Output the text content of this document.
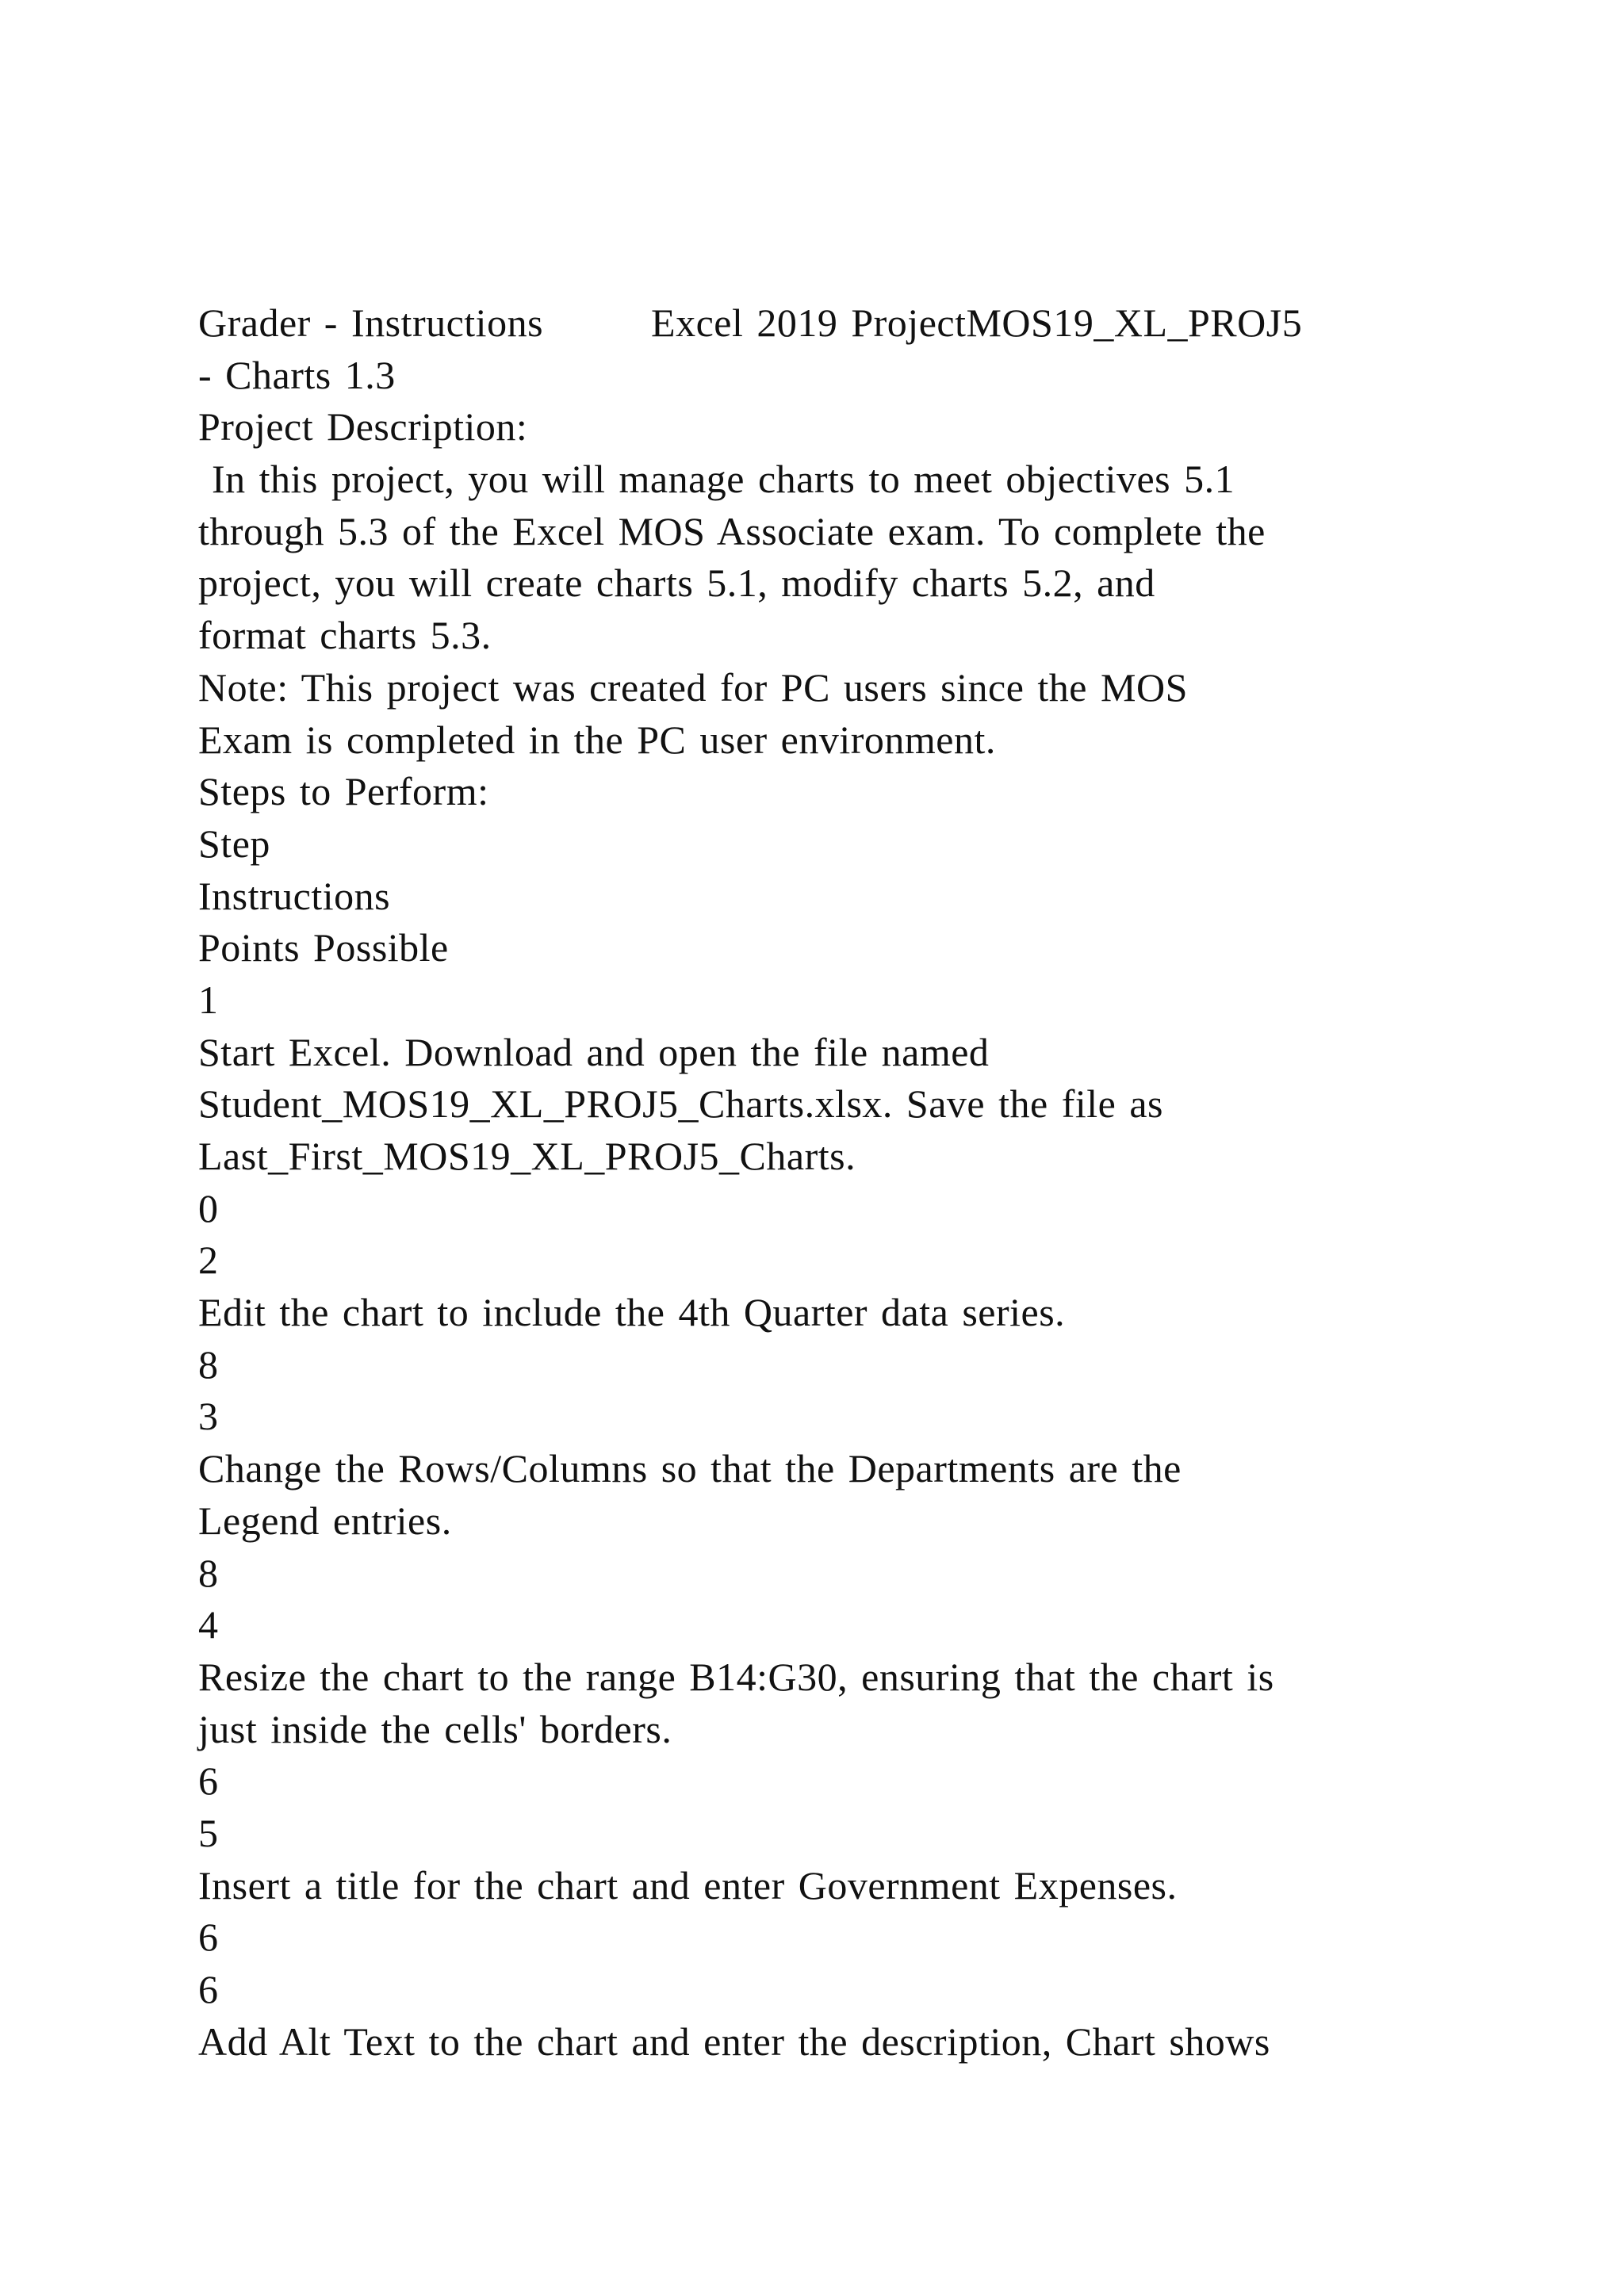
Grader - Instructions        Excel 2019 ProjectMOS19_XL_PROJ5
- Charts 1.3
Project Description:
In this project, you will manage charts to meet objectives 5.1
through 5.3 of the Excel MOS Associate exam. To complete the
project, you will create charts 5.1, modify charts 5.2, and
format charts 5.3.
Note: This project was created for PC users since the MOS
Exam is completed in the PC user environment.
Steps to Perform:
Step
Instructions
Points Possible
1
Start Excel. Download and open the file named
Student_MOS19_XL_PROJ5_Charts.xlsx. Save the file as
Last_First_MOS19_XL_PROJ5_Charts.
0
2
Edit the chart to include the 4th Quarter data series.
8
3
Change the Rows/Columns so that the Departments are the
Legend entries.
8
4
Resize the chart to the range B14:G30, ensuring that the chart is
just inside the cells' borders.
6
5
Insert a title for the chart and enter Government Expenses.
6
6
Add Alt Text to the chart and enter the description, Chart shows
